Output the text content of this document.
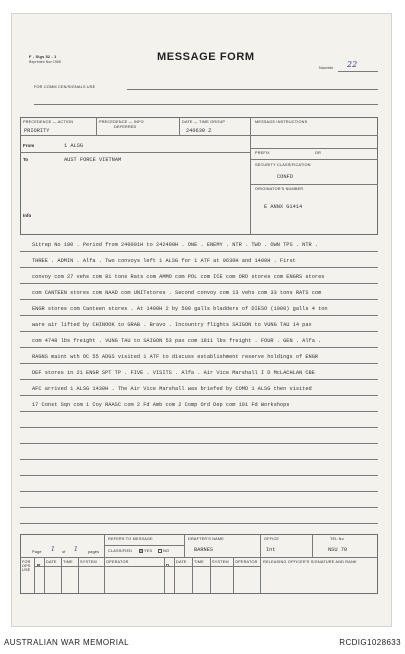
F - Sigs 52 - 1
Reprinted Nov 1965	MESSAGE FORM
Number 22
FOR COMM CEN/SIGNALS USE
PRECEDENCE — ACTION
PRIORITY
PRECEDENCE — INFO
DEFERRED
DATE — TIME GROUP
240630 Z
MESSAGE INSTRUCTIONS
PREFIX	GR
From	1 ALSG
To	AUST FORCE VIETNAM
SECURITY CLASSIFICATION
CONFD
ORIGINATOR'S NUMBER
E ANNX G1414
Info
Sitrep No 180 . Period from 240001H to 242400H . ONE . ENEMY . NTR . TWO . OWN TPS . NTR .
THREE . ADMIN . Alfa . Two convoys left 1 ALSG for 1 ATF at 0630H and 1400H . First
convoy com 27 vehs com 81 tons Rats com AMMO com POL com ICE com ORD stores com ENGRS stores
com CANTEEN stores com NAAD com UNITstores . Second convoy com 13 vehs com 33 tons RATS com
ENGR stores com Canteen stores . At 1400H 2 by 500 galls bladders of DIESO (1000) galls 4 ton
ware air lifted by CHINOOK to GRAB . Bravo . Incountry flights SAIGON to VUNG TAU 14 pax
com 4748 lbs freight . VUNG TAU to SAIGON 53 pax com 1811 lbs freight . FOUR . GEN . Alfa .
RAGNS maint wth OC 55 ADGS visited 1 ATF to discuss establishment reserve holdings of ENGR
DEF stores in 21 ENGR SPT TP . FIVE . VISITS . Alfa . Air Vice Marshall I D McLACHLAN CBE
AFC arrived 1 ALSG 1430H . The Air Vice Marshall was briefed by COMD 1 ALSG then visited
17 Const Sqn com 1 Coy RAASC com 2 Fd Amb com 2 Comp Ord Dep com 101 Fd Workshops
Page 1 of 1	pages
REFERS TO MESSAGE
CLASSIFIED X YES	NO
DRAFTER'S NAME
BARNES
OFFICE
Int
TEL No
NSU 70
FOR OPS USE
R
DATE TIME SYSTEM OPERATOR
D
DATE TIME SYSTEM OPERATOR RELEASING OFFICER'S SIGNATURE AND RANK
AUSTRALIAN WAR MEMORIAL	RCDIG1028633
